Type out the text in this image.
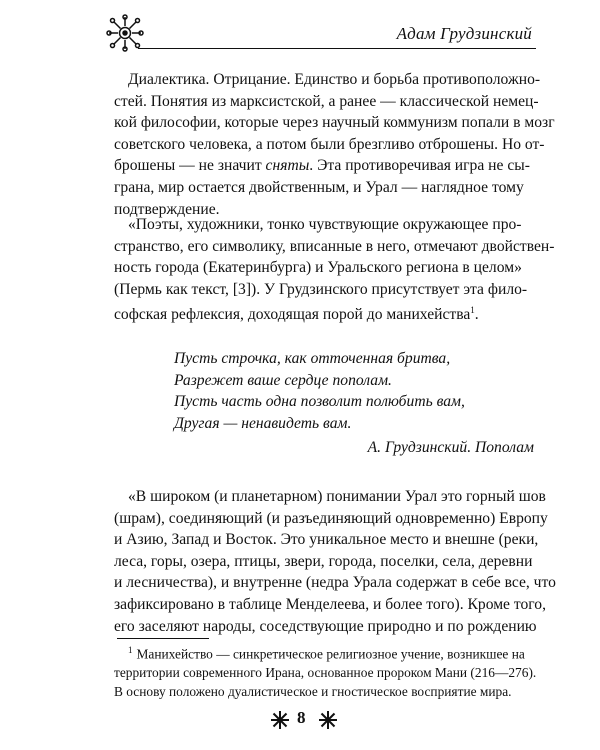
Адам Грудзинский
Диалектика. Отрицание. Единство и борьба противоположно-
стей. Понятия из марксистской, а ранее — классической немец-
кой философии, которые через научный коммунизм попали в мозг
советского человека, а потом были брезгливо отброшены. Но от-
брошены — не значит сняты. Эта противоречивая игра не сы-
грана, мир остается двойственным, и Урал — наглядное тому
подтверждение.
«Поэты, художники, тонко чувствующие окружающее про-
странство, его символику, вписанные в него, отмечают двойствен-
ность города (Екатеринбурга) и Уральского региона в целом»
(Пермь как текст, [3]). У Грудзинского присутствует эта фило-
софская рефлексия, доходящая порой до манихейства$^1$.
Пусть строчка, как отточенная бритва,
Разрежет ваше сердце пополам.
Пусть часть одна позволит полюбить вам,
Другая — ненавидеть вам.
А. Грудзинский. Пополам
«В широком (и планетарном) понимании Урал это горный шов
(шрам), соединяющий (и разъединяющий одновременно) Европу
и Азию, Запад и Восток. Это уникальное место и внешне (реки,
леса, горы, озера, птицы, звери, города, поселки, села, деревни
и лесничества), и внутренне (недра Урала содержат в себе все, что
зафиксировано в таблице Менделеева, и более того). Кроме того,
его заселяют народы, соседствующие природно и по рождению
$^1$ Манихейство — синкретическое религиозное учение, возникшее на
территории современного Ирана, основанное пророком Мани (216—276).
В основу положено дуалистическое и гностическое восприятие мира.
8
